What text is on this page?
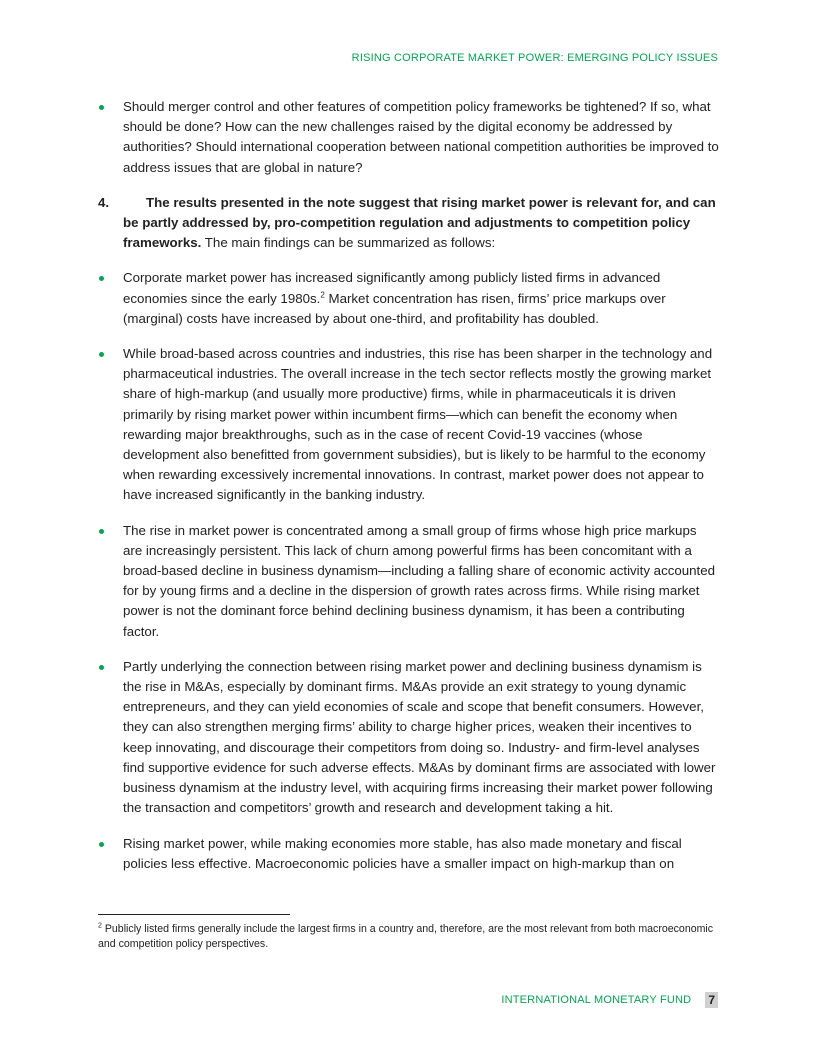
RISING CORPORATE MARKET POWER: EMERGING POLICY ISSUES

Should merger control and other features of competition policy frameworks be tightened? If so, what should be done? How can the new challenges raised by the digital economy be addressed by authorities? Should international cooperation between national competition authorities be improved to address issues that are global in nature?

4.	The results presented in the note suggest that rising market power is relevant for, and can be partly addressed by, pro-competition regulation and adjustments to competition policy frameworks. The main findings can be summarized as follows:

Corporate market power has increased significantly among publicly listed firms in advanced economies since the early 1980s.$^2$ Market concentration has risen, firms’ price markups over (marginal) costs have increased by about one-third, and profitability has doubled.

While broad-based across countries and industries, this rise has been sharper in the technology and pharmaceutical industries. The overall increase in the tech sector reflects mostly the growing market share of high-markup (and usually more productive) firms, while in pharmaceuticals it is driven primarily by rising market power within incumbent firms—which can benefit the economy when rewarding major breakthroughs, such as in the case of recent Covid-19 vaccines (whose development also benefitted from government subsidies), but is likely to be harmful to the economy when rewarding excessively incremental innovations. In contrast, market power does not appear to have increased significantly in the banking industry.

The rise in market power is concentrated among a small group of firms whose high price markups are increasingly persistent. This lack of churn among powerful firms has been concomitant with a broad-based decline in business dynamism—including a falling share of economic activity accounted for by young firms and a decline in the dispersion of growth rates across firms. While rising market power is not the dominant force behind declining business dynamism, it has been a contributing factor.

Partly underlying the connection between rising market power and declining business dynamism is the rise in M&As, especially by dominant firms. M&As provide an exit strategy to young dynamic entrepreneurs, and they can yield economies of scale and scope that benefit consumers. However, they can also strengthen merging firms’ ability to charge higher prices, weaken their incentives to keep innovating, and discourage their competitors from doing so. Industry- and firm-level analyses find supportive evidence for such adverse effects. M&As by dominant firms are associated with lower business dynamism at the industry level, with acquiring firms increasing their market power following the transaction and competitors’ growth and research and development taking a hit.

Rising market power, while making economies more stable, has also made monetary and fiscal policies less effective. Macroeconomic policies have a smaller impact on high-markup than on

$^2$ Publicly listed firms generally include the largest firms in a country and, therefore, are the most relevant from both macroeconomic and competition policy perspectives.
INTERNATIONAL MONETARY FUND 7
